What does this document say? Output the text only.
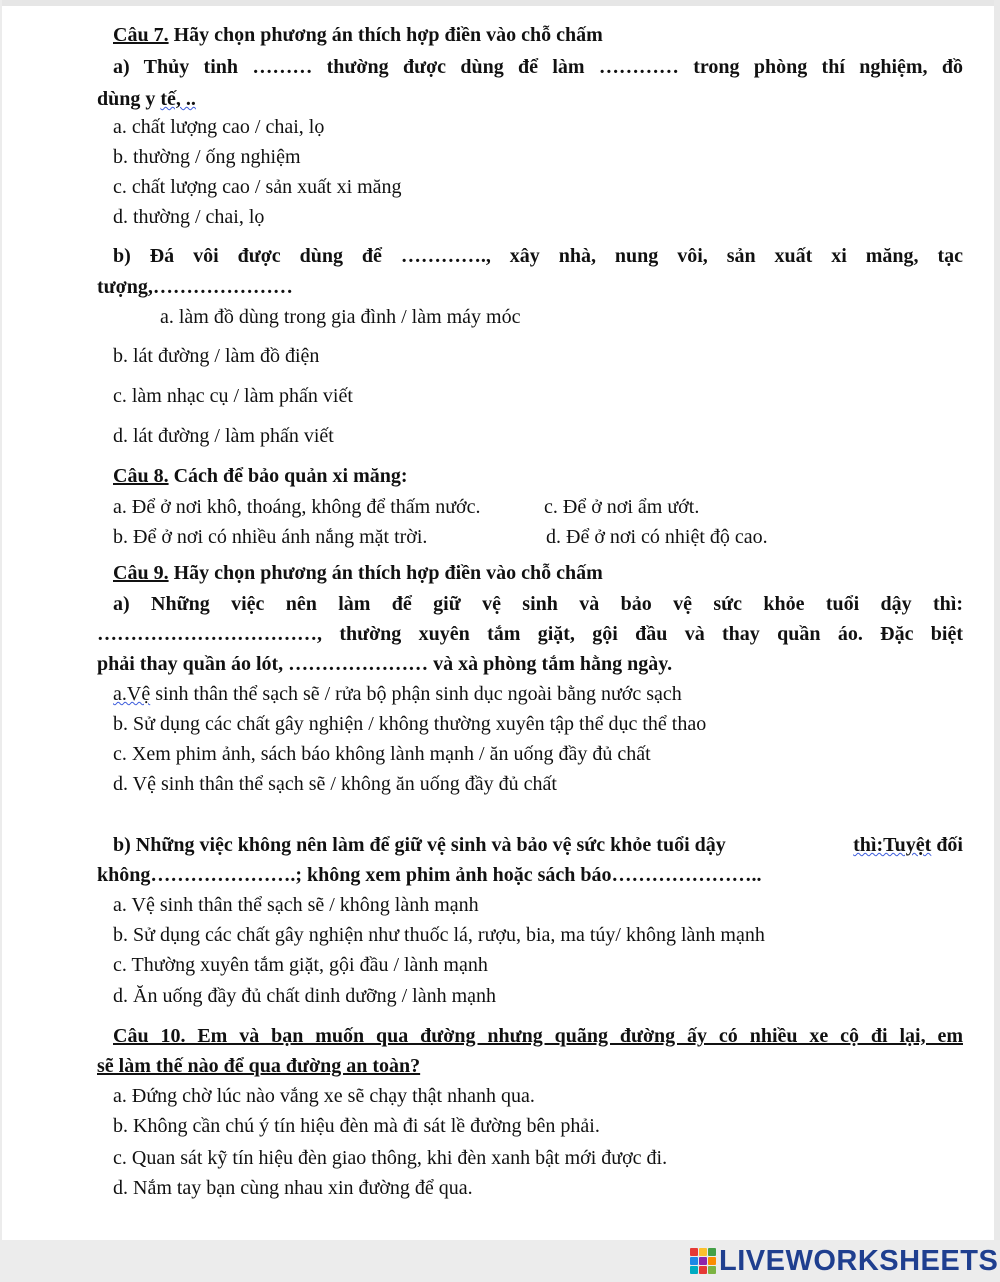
Câu 7. Hãy chọn phương án thích hợp điền vào chỗ chấm
a) Thủy tinh ……… thường được dùng để làm ………… trong phòng thí nghiệm, đồ
dùng y tế, ..
a. chất lượng cao / chai, lọ
b. thường / ống nghiệm
c. chất lượng cao / sản xuất xi măng
d. thường / chai, lọ
b) Đá vôi được dùng để …………., xây nhà, nung vôi, sản xuất xi măng, tạc
tượng,…………………
a. làm đồ dùng trong gia đình / làm máy móc
b. lát đường / làm đồ điện
c. làm nhạc cụ / làm phấn viết
d. lát đường / làm phấn viết
Câu 8. Cách để bảo quản xi măng:
a. Để ở nơi khô, thoáng, không để thấm nước.	c. Để ở nơi ẩm ướt.
b. Để ở nơi có nhiều ánh nắng mặt trời.	d. Để ở nơi có nhiệt độ cao.
Câu 9. Hãy chọn phương án thích hợp điền vào chỗ chấm
a) Những việc nên làm để giữ vệ sinh và bảo vệ sức khỏe tuổi dậy thì:
……………………………, thường xuyên tắm giặt, gội đầu và thay quần áo. Đặc biệt
phải thay quần áo lót, ………………… và xà phòng tắm hằng ngày.
a.Vệ sinh thân thể sạch sẽ / rửa bộ phận sinh dục ngoài bằng nước sạch
b. Sử dụng các chất gây nghiện / không thường xuyên tập thể dục thể thao
c. Xem phim ảnh, sách báo không lành mạnh / ăn uống đầy đủ chất
d. Vệ sinh thân thể sạch sẽ / không ăn uống đầy đủ chất
b) Những việc không nên làm để giữ vệ sinh và bảo vệ sức khỏe tuổi dậy	thì:Tuyệt đối
không………………….; không xem phim ảnh hoặc sách báo…………………..
a. Vệ sinh thân thể sạch sẽ / không lành mạnh
b. Sử dụng các chất gây nghiện như thuốc lá, rượu, bia, ma túy/ không lành mạnh
c. Thường xuyên tắm giặt, gội đầu / lành mạnh
d. Ăn uống đầy đủ chất dinh dưỡng / lành mạnh
Câu 10. Em và bạn muốn qua đường nhưng quãng đường ấy có nhiều xe cộ đi lại, em
sẽ làm thế nào để qua đường an toàn?
a. Đứng chờ lúc nào vắng xe sẽ chạy thật nhanh qua.
b. Không cần chú ý tín hiệu đèn mà đi sát lề đường bên phải.
c. Quan sát kỹ tín hiệu đèn giao thông, khi đèn xanh bật mới được đi.
d. Nắm tay bạn cùng nhau xin đường để qua.
LIVEWORKSHEETS
